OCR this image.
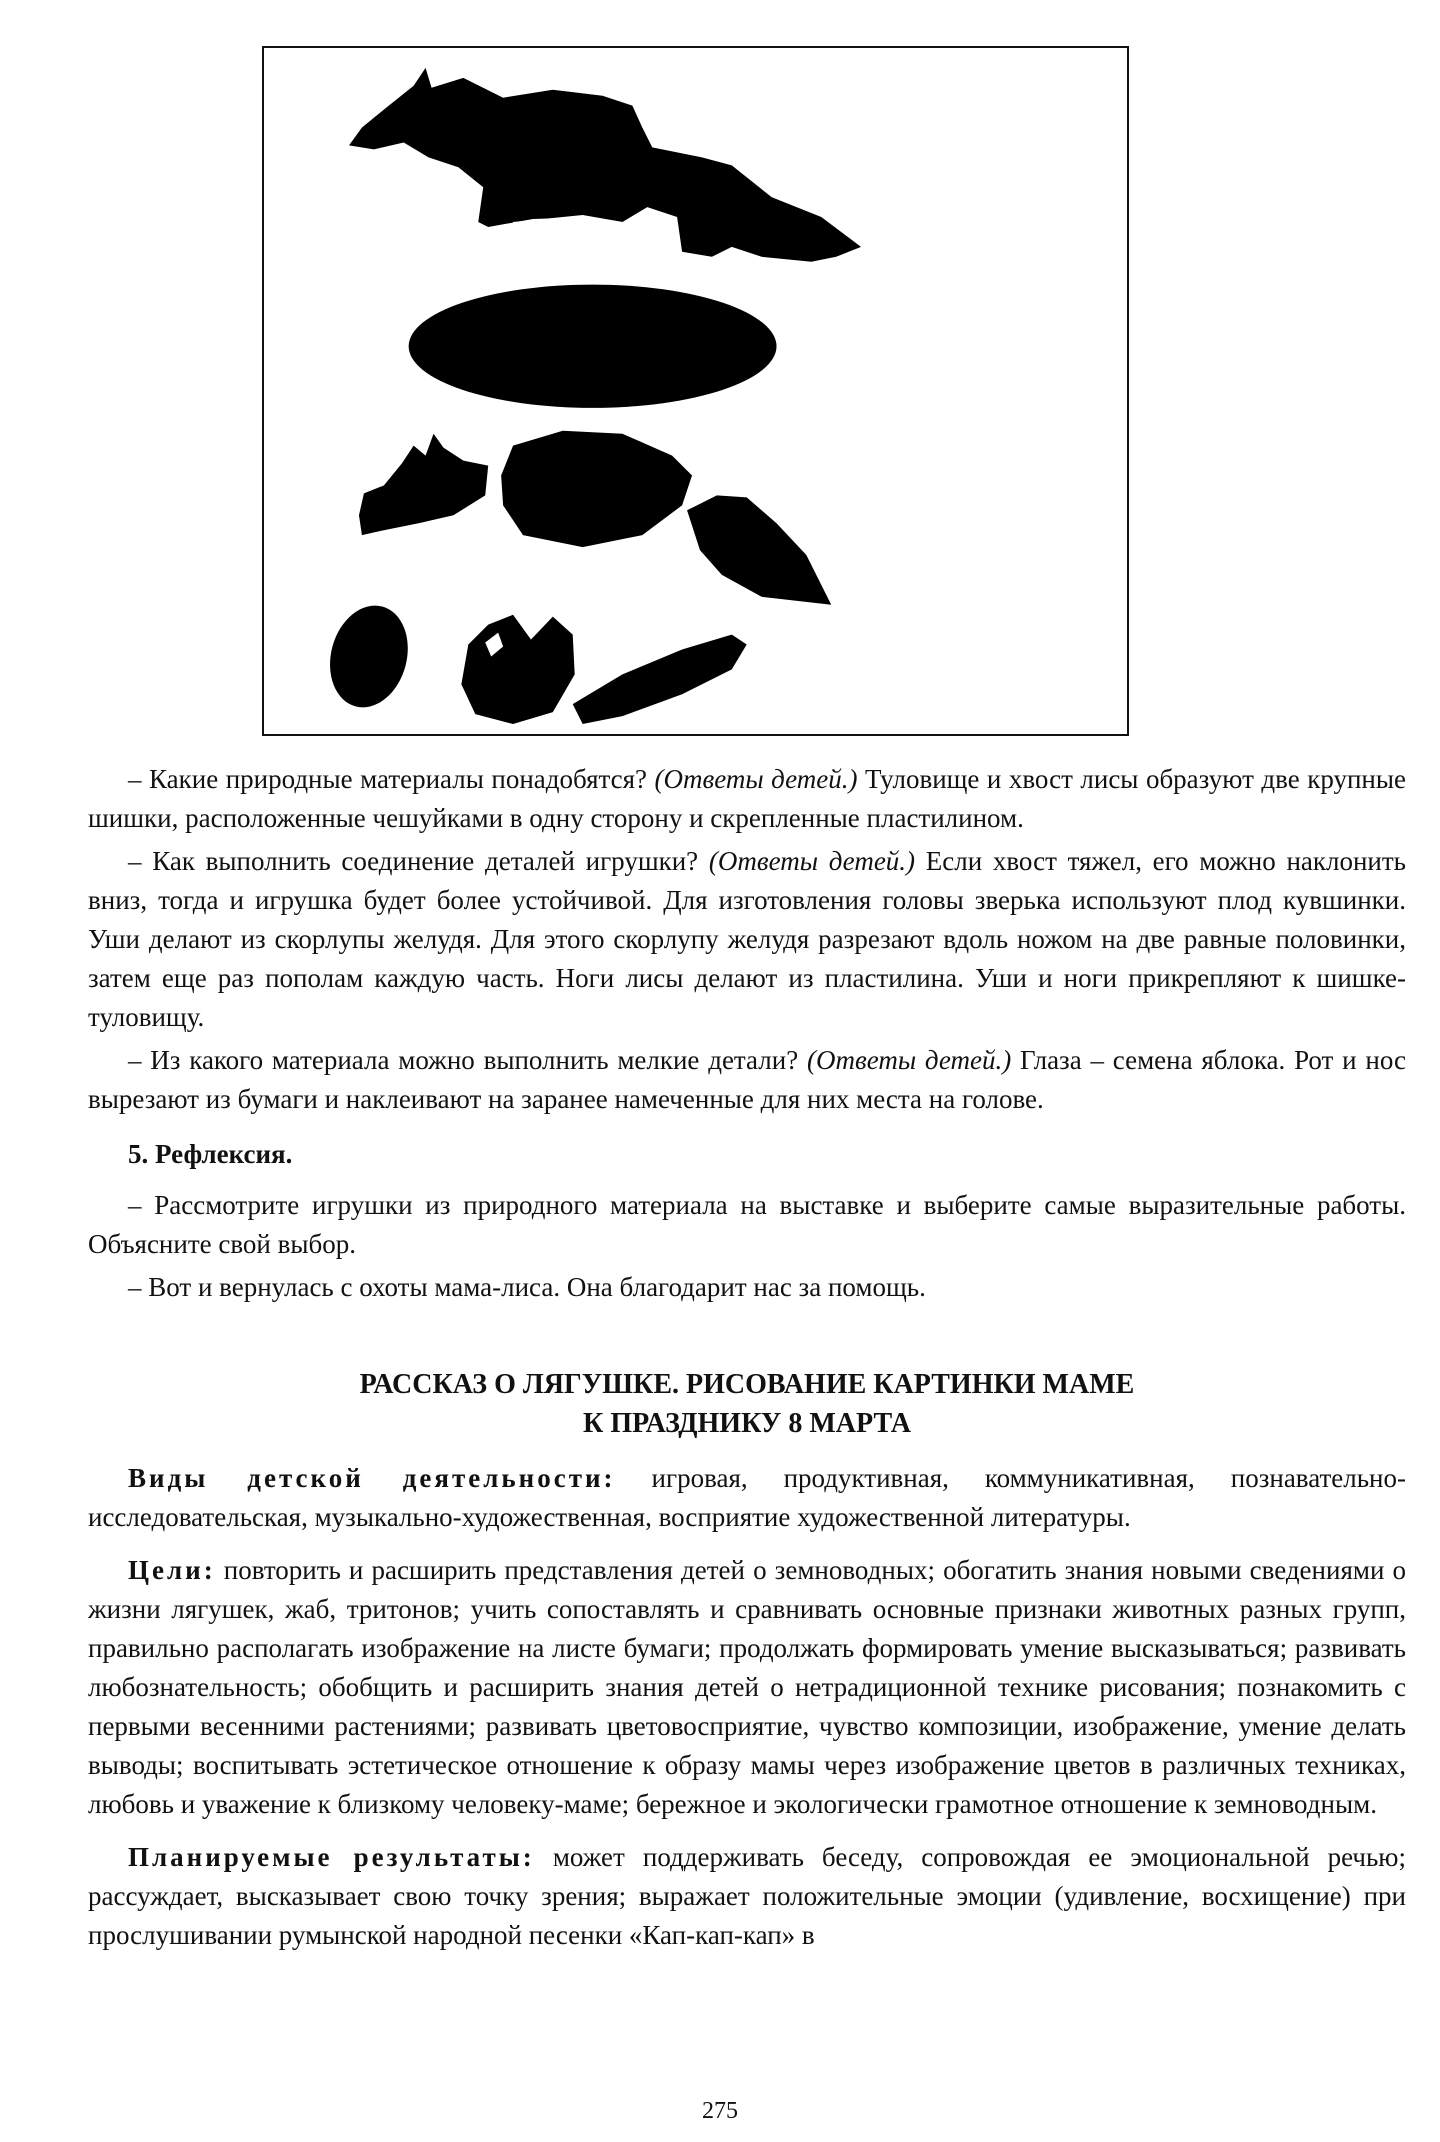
– Какие природные материалы понадобятся? (Ответы детей.) Туловище и хвост лисы образуют две крупные шишки, расположенные чешуйками в одну сторону и скрепленные пластилином.

– Как выполнить соединение деталей игрушки? (Ответы детей.) Если хвост тяжел, его можно наклонить вниз, тогда и игрушка будет более устойчивой. Для изготовления головы зверька используют плод кувшинки. Уши делают из скорлупы желудя. Для этого скорлупу желудя разрезают вдоль ножом на две равные половинки, затем еще раз пополам каждую часть. Ноги лисы делают из пластилина. Уши и ноги прикрепляют к шишке-туловищу.

– Из какого материала можно выполнить мелкие детали? (Ответы детей.) Глаза – семена яблока. Рот и нос вырезают из бумаги и наклеивают на заранее намеченные для них места на голове.

5. Рефлексия.

– Рассмотрите игрушки из природного материала на выставке и выберите самые выразительные работы. Объясните свой выбор.

– Вот и вернулась с охоты мама-лиса. Она благодарит нас за помощь.

РАССКАЗ О ЛЯГУШКЕ. РИСОВАНИЕ КАРТИНКИ МАМЕ
К ПРАЗДНИКУ 8 МАРТА

Виды детской деятельности: игровая, продуктивная, коммуникативная, познавательно-исследовательская, музыкально-художественная, восприятие художественной литературы.

Цели: повторить и расширить представления детей о земноводных; обогатить знания новыми сведениями о жизни лягушек, жаб, тритонов; учить сопоставлять и сравнивать основные признаки животных разных групп, правильно располагать изображение на листе бумаги; продолжать формировать умение высказываться; развивать любознательность; обобщить и расширить знания детей о нетрадиционной технике рисования; познакомить с первыми весенними растениями; развивать цветовосприятие, чувство композиции, изображение, умение делать выводы; воспитывать эстетическое отношение к образу мамы через изображение цветов в различных техниках, любовь и уважение к близкому человеку-маме; бережное и экологически грамотное отношение к земноводным.

Планируемые результаты: может поддерживать беседу, сопровождая ее эмоциональной речью; рассуждает, высказывает свою точку зрения; выражает положительные эмоции (удивление, восхищение) при прослушивании румынской народной песенки «Кап-кап-кап» в

275
